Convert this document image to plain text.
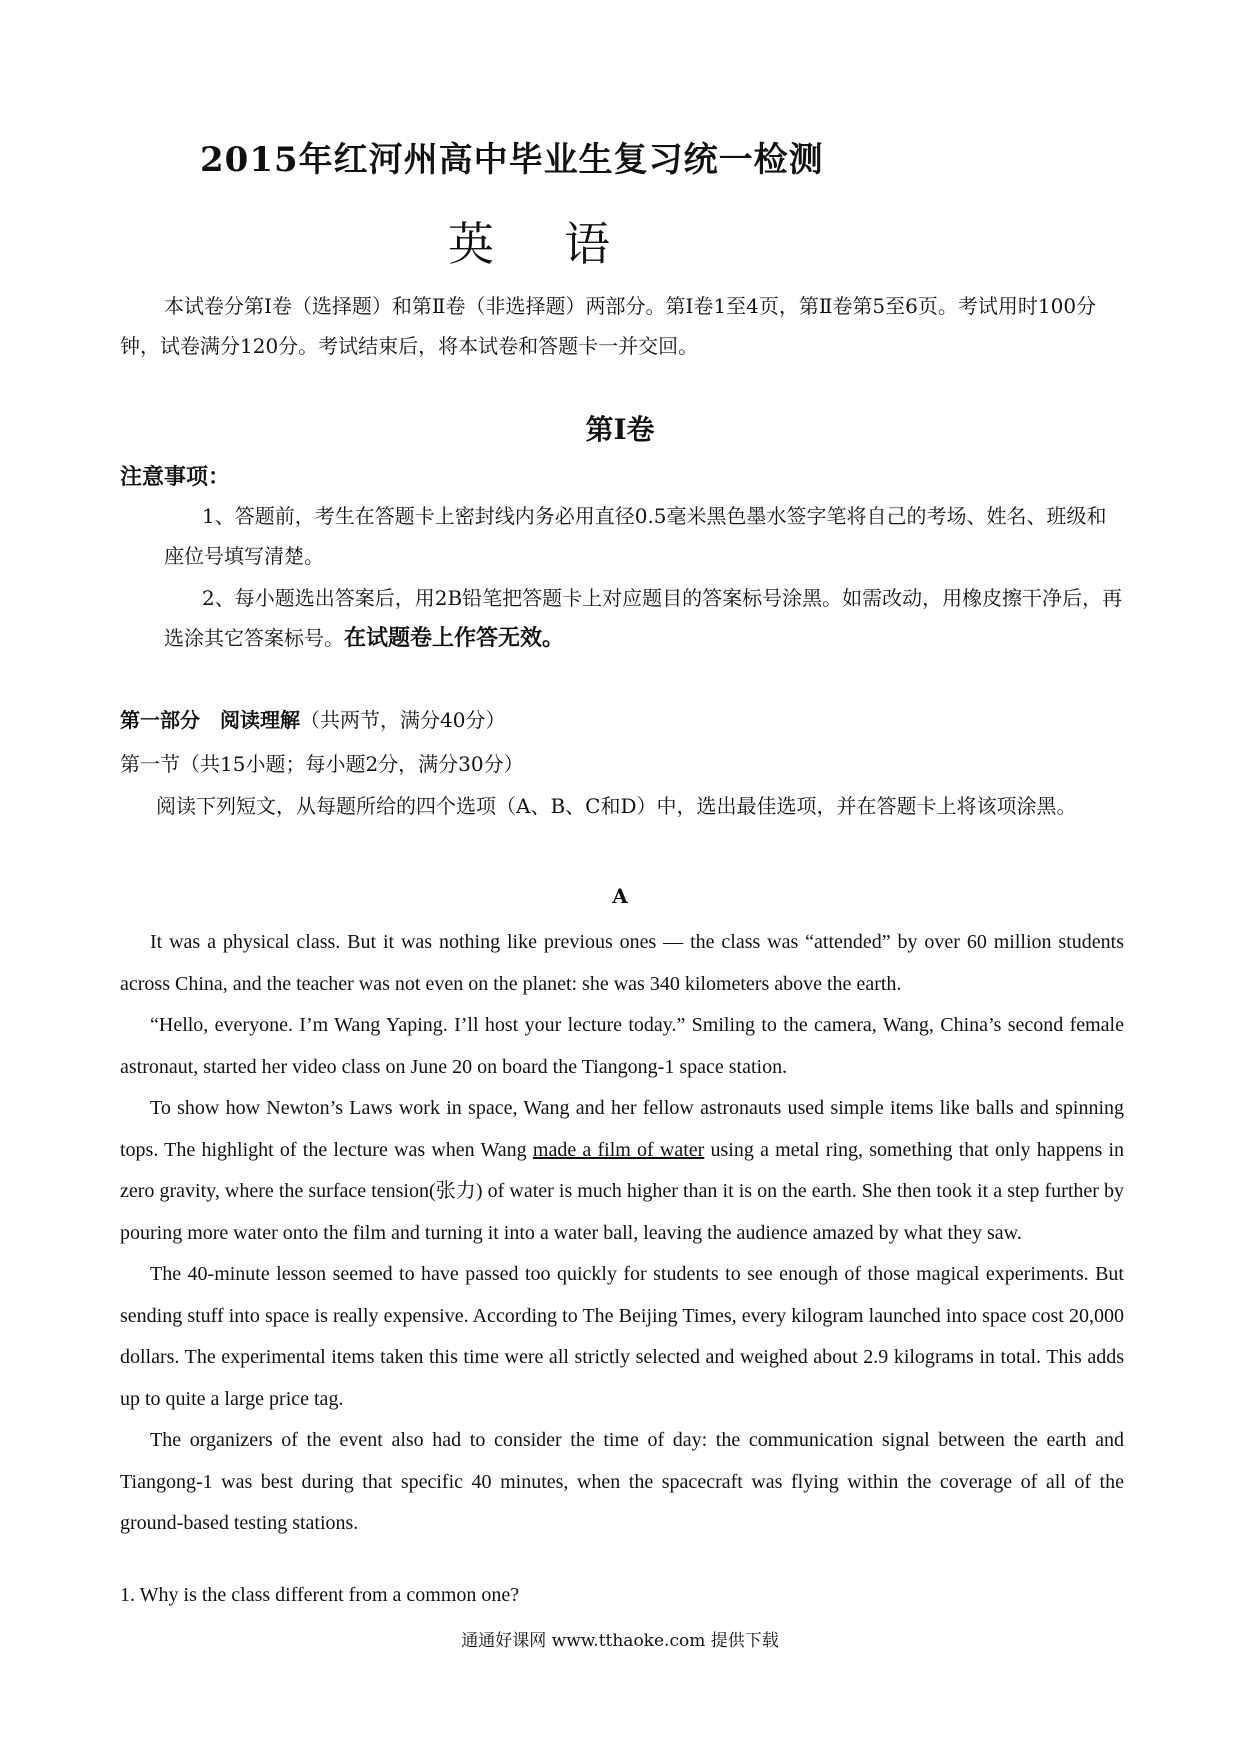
2015年红河州高中毕业生复习统一检测
英语
本试卷分第Ⅰ卷（选择题）和第Ⅱ卷（非选择题）两部分。第Ⅰ卷1至4页，第Ⅱ卷第5至6页。考试用时100分钟，试卷满分120分。考试结束后，将本试卷和答题卡一并交回。
第Ⅰ卷
注意事项：
1、答题前，考生在答题卡上密封线内务必用直径0.5毫米黑色墨水签字笔将自己的考场、姓名、班级和座位号填写清楚。
2、每小题选出答案后，用2B铅笔把答题卡上对应题目的答案标号涂黑。如需改动，用橡皮擦干净后，再选涂其它答案标号。在试题卷上作答无效。
第一部分　阅读理解（共两节，满分40分）
第一节（共15小题；每小题2分，满分30分）
阅读下列短文，从每题所给的四个选项（A、B、C和D）中，选出最佳选项，并在答题卡上将该项涂黑。
A

It was a physical class. But it was nothing like previous ones — the class was “attended” by over 60 million students across China, and the teacher was not even on the planet: she was 340 kilometers above the earth.

“Hello, everyone. I’m Wang Yaping. I’ll host your lecture today.” Smiling to the camera, Wang, China’s second female astronaut, started her video class on June 20 on board the Tiangong-1 space station.

To show how Newton’s Laws work in space, Wang and her fellow astronauts used simple items like balls and spinning tops. The highlight of the lecture was when Wang made a film of water using a metal ring, something that only happens in zero gravity, where the surface tension(张力) of water is much higher than it is on the earth. She then took it a step further by pouring more water onto the film and turning it into a water ball, leaving the audience amazed by what they saw.

The 40-minute lesson seemed to have passed too quickly for students to see enough of those magical experiments. But sending stuff into space is really expensive. According to The Beijing Times, every kilogram launched into space cost 20,000 dollars. The experimental items taken this time were all strictly selected and weighed about 2.9 kilograms in total. This adds up to quite a large price tag.

The organizers of the event also had to consider the time of day: the communication signal between the earth and Tiangong-1 was best during that specific 40 minutes, when the spacecraft was flying within the coverage of all of the ground-based testing stations.

1. Why is the class different from a common one?
通通好课网 www.tthaoke.com 提供下载
